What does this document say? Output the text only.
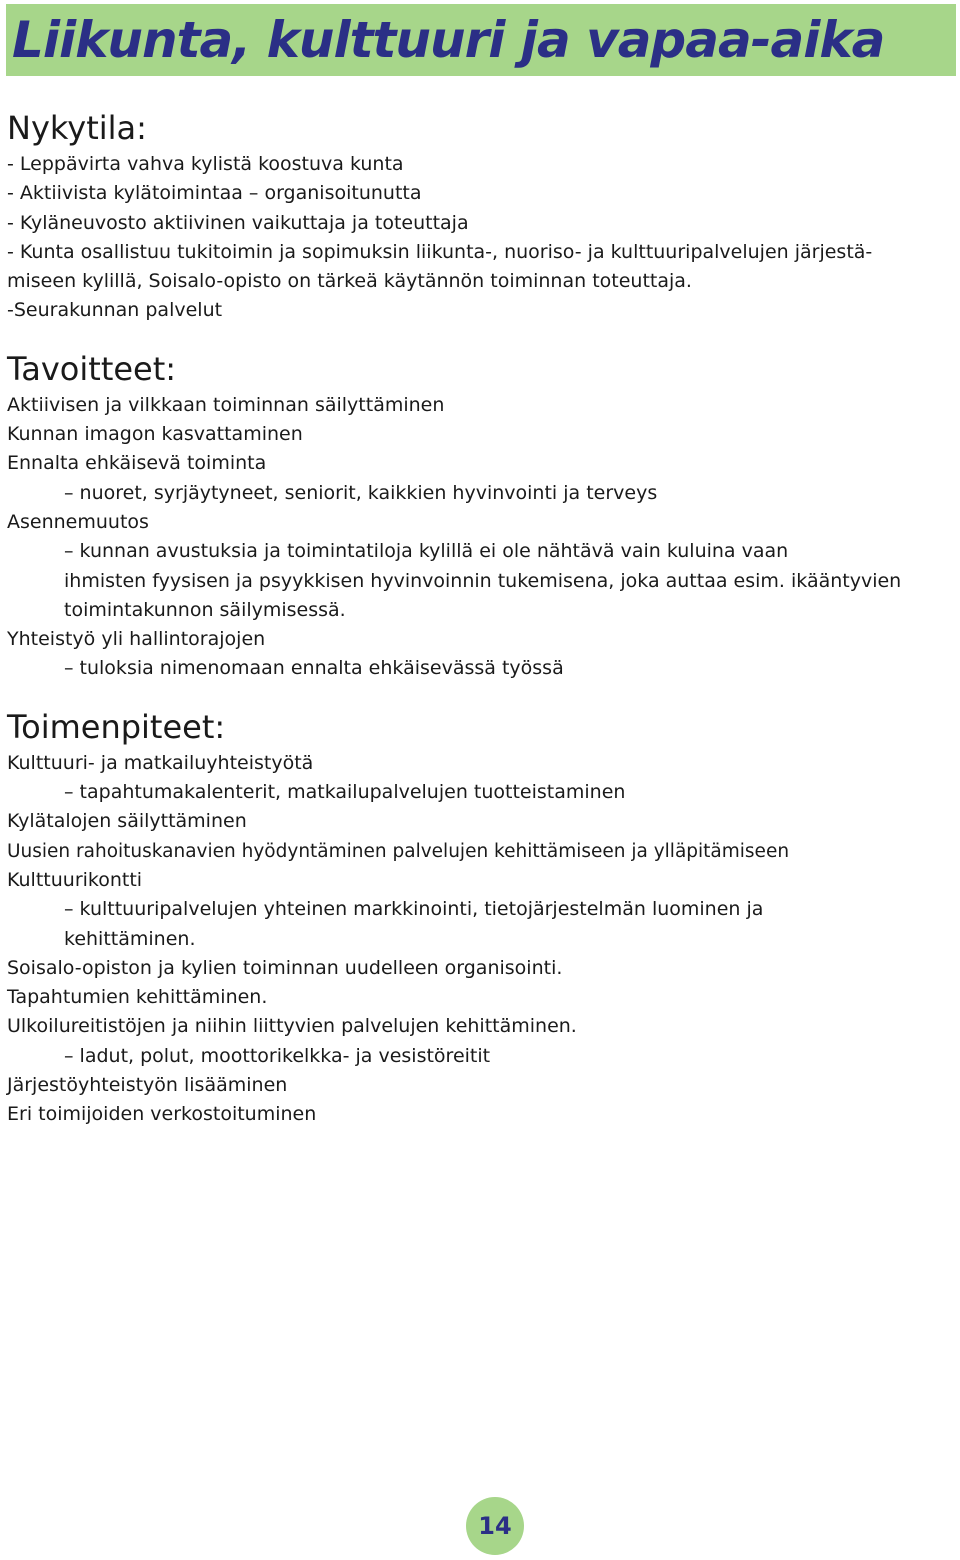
Liikunta, kulttuuri ja vapaa-aika
Nykytila:
- Leppävirta vahva kylistä koostuva kunta
- Aktiivista kylätoimintaa – organisoitunutta
- Kyläneuvosto aktiivinen vaikuttaja ja toteuttaja
- Kunta osallistuu tukitoimin ja sopimuksin liikunta-, nuoriso- ja kulttuuripalvelujen järjestä-
miseen kylillä, Soisalo-opisto on tärkeä käytännön toiminnan toteuttaja.
-Seurakunnan palvelut
Tavoitteet:
Aktiivisen ja vilkkaan toiminnan säilyttäminen
Kunnan imagon kasvattaminen
Ennalta ehkäisevä toiminta
– nuoret, syrjäytyneet, seniorit, kaikkien hyvinvointi ja terveys
Asennemuutos
– kunnan avustuksia ja toimintatiloja kylillä ei ole nähtävä vain kuluina vaan
ihmisten fyysisen ja psyykkisen hyvinvoinnin tukemisena, joka auttaa esim. ikääntyvien
toimintakunnon säilymisessä.
Yhteistyö yli hallintorajojen
– tuloksia nimenomaan ennalta ehkäisevässä työssä
Toimenpiteet:
Kulttuuri- ja matkailuyhteistyötä
– tapahtumakalenterit, matkailupalvelujen tuotteistaminen
Kylätalojen säilyttäminen
Uusien rahoituskanavien hyödyntäminen palvelujen kehittämiseen ja ylläpitämiseen
Kulttuurikontti
– kulttuuripalvelujen yhteinen markkinointi, tietojärjestelmän luominen ja
kehittäminen.
Soisalo-opiston ja kylien toiminnan uudelleen organisointi.
Tapahtumien kehittäminen.
Ulkoilureitistöjen ja niihin liittyvien palvelujen kehittäminen.
– ladut, polut, moottorikelkka- ja vesistöreitit
Järjestöyhteistyön lisääminen
Eri toimijoiden verkostoituminen
14
